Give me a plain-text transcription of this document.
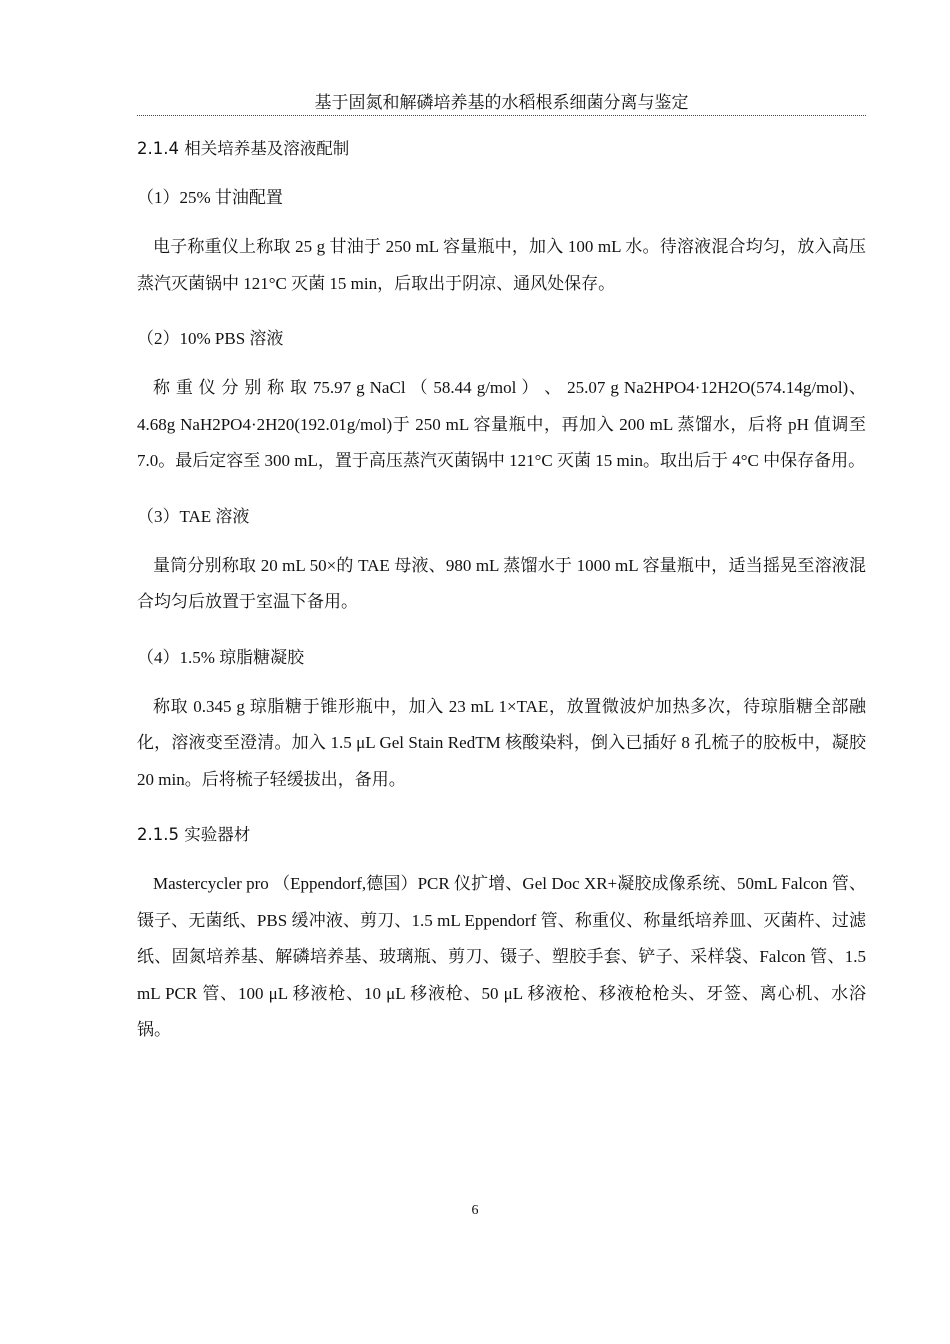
基于固氮和解磷培养基的水稻根系细菌分离与鉴定
2.1.4 相关培养基及溶液配制
（1）25% 甘油配置
电子称重仪上称取 25 g 甘油于 250 mL 容量瓶中，加入 100 mL 水。待溶液混合均匀，放入高压蒸汽灭菌锅中 121°C 灭菌 15 min，后取出于阴凉、通风处保存。
（2）10% PBS 溶液
称 重 仪 分 别 称 取 75.97 g NaCl （ 58.44 g/mol ） 、 25.07 g Na2HPO4·12H2O(574.14g/mol)、4.68g NaH2PO4·2H20(192.01g/mol)于 250 mL 容量瓶中，再加入 200 mL 蒸馏水，后将 pH 值调至 7.0。最后定容至 300 mL，置于高压蒸汽灭菌锅中 121°C 灭菌 15 min。取出后于 4°C 中保存备用。
（3）TAE 溶液
量筒分别称取 20 mL 50×的 TAE 母液、980 mL 蒸馏水于 1000 mL 容量瓶中，适当摇晃至溶液混合均匀后放置于室温下备用。
（4）1.5% 琼脂糖凝胶
称取 0.345 g 琼脂糖于锥形瓶中，加入 23 mL 1×TAE，放置微波炉加热多次，待琼脂糖全部融化，溶液变至澄清。加入 1.5 μL Gel Stain RedTM 核酸染料，倒入已插好 8 孔梳子的胶板中，凝胶 20 min。后将梳子轻缓拔出，备用。
2.1.5 实验器材
Mastercycler pro （Eppendorf,德国）PCR 仪扩增、Gel Doc XR+凝胶成像系统、50mL Falcon 管、镊子、无菌纸、PBS 缓冲液、剪刀、1.5 mL Eppendorf 管、称重仪、称量纸培养皿、灭菌杵、过滤纸、固氮培养基、解磷培养基、玻璃瓶、剪刀、镊子、塑胶手套、铲子、采样袋、Falcon 管、1.5 mL PCR 管、100 μL 移液枪、10 μL 移液枪、50 μL 移液枪、移液枪枪头、牙签、离心机、水浴锅。
6
